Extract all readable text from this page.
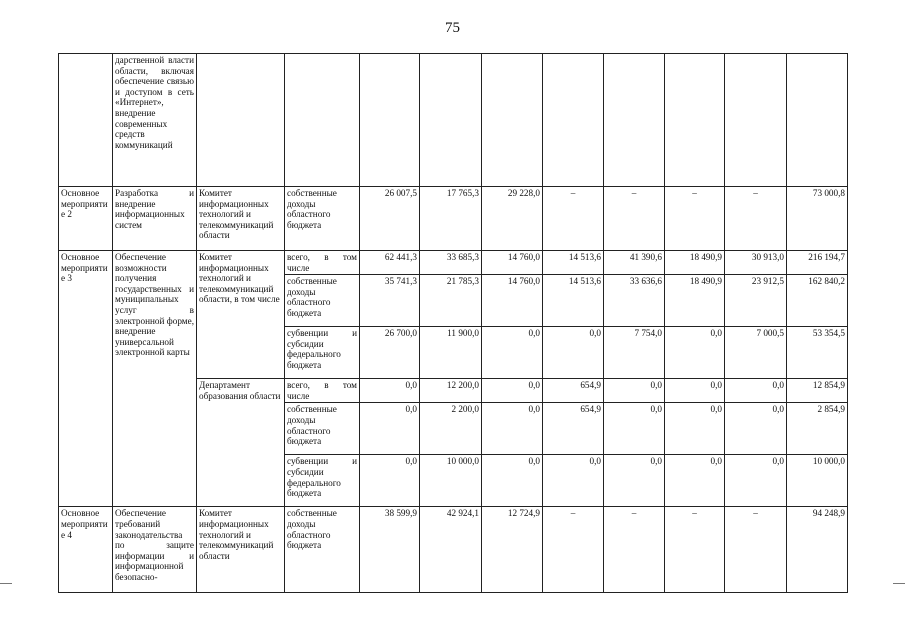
75
	дарственной власти области, включая обеспечение связью и доступом в сеть «Интернет», внедрение современных средств коммуникаций										
Основное мероприятие 2	Разработка и внедрение информационных систем	Комитет информационных технологий и телекоммуникаций области	собственные доходы областного бюджета	26 007,5	17 765,3	29 228,0	–	–	–	–	73 000,8
Основное мероприятие 3	Обеспечение возможности получения государственных и муниципальных услуг в электронной форме, внедрение универсальной электронной карты	Комитет информационных технологий и телекоммуникаций области, в том числе	всего, в том числе	62 441,3	33 685,3	14 760,0	14 513,6	41 390,6	18 490,9	30 913,0	216 194,7
			собственные доходы областного бюджета	35 741,3	21 785,3	14 760,0	14 513,6	33 636,6	18 490,9	23 912,5	162 840,2
			субвенции и субсидии федерального бюджета	26 700,0	11 900,0	0,0	0,0	7 754,0	0,0	7 000,5	53 354,5
		Департамент образования области	всего, в том числе	0,0	12 200,0	0,0	654,9	0,0	0,0	0,0	12 854,9
			собственные доходы областного бюджета	0,0	2 200,0	0,0	654,9	0,0	0,0	0,0	2 854,9
			субвенции и субсидии федерального бюджета	0,0	10 000,0	0,0	0,0	0,0	0,0	0,0	10 000,0
Основное мероприятие 4	Обеспечение требований законодательства по защите информации и информационной безопасно-	Комитет информационных технологий и телекоммуникаций области	собственные доходы областного бюджета	38 599,9	42 924,1	12 724,9	–	–	–	–	94 248,9
